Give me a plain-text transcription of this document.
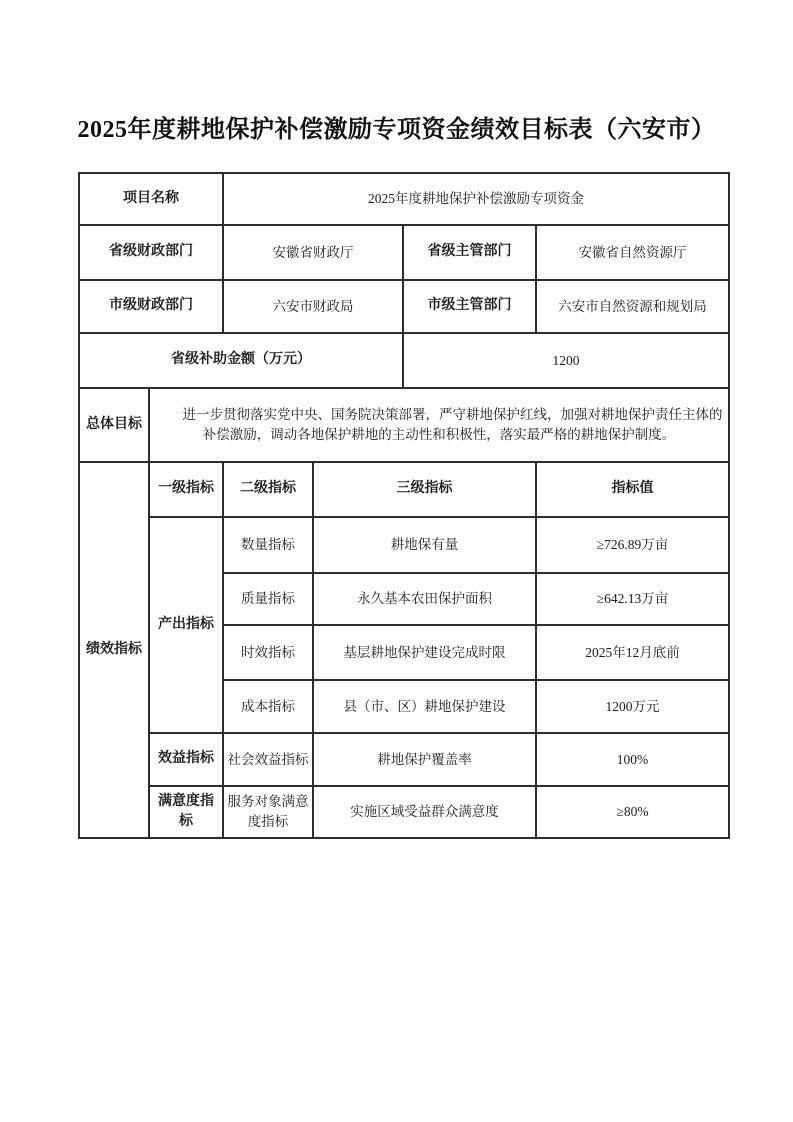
2025年度耕地保护补偿激励专项资金绩效目标表（六安市）
项目名称		2025年度耕地保护补偿激励专项资金			
省级财政部门		安徽省财政厅		省级主管部门	安徽省自然资源厅
市级财政部门		六安市财政局		市级主管部门	六安市自然资源和规划局
省级补助金额（万元）				1200	
总体目标	进一步贯彻落实党中央、国务院决策部署，严守耕地保护红线，加强对耕地保护责任主体的补偿激励，调动各地保护耕地的主动性和积极性，落实最严格的耕地保护制度。				
绩效指标	一级指标	二级指标	三级指标		指标值
	产出指标	数量指标	耕地保有量		≥726.89万亩
		质量指标	永久基本农田保护面积		≥642.13万亩
		时效指标	基层耕地保护建设完成时限		2025年12月底前
		成本指标	县（市、区）耕地保护建设		1200万元
	效益指标	社会效益指标	耕地保护覆盖率		100%
	满意度指标	服务对象满意度指标	实施区域受益群众满意度		≥80%
